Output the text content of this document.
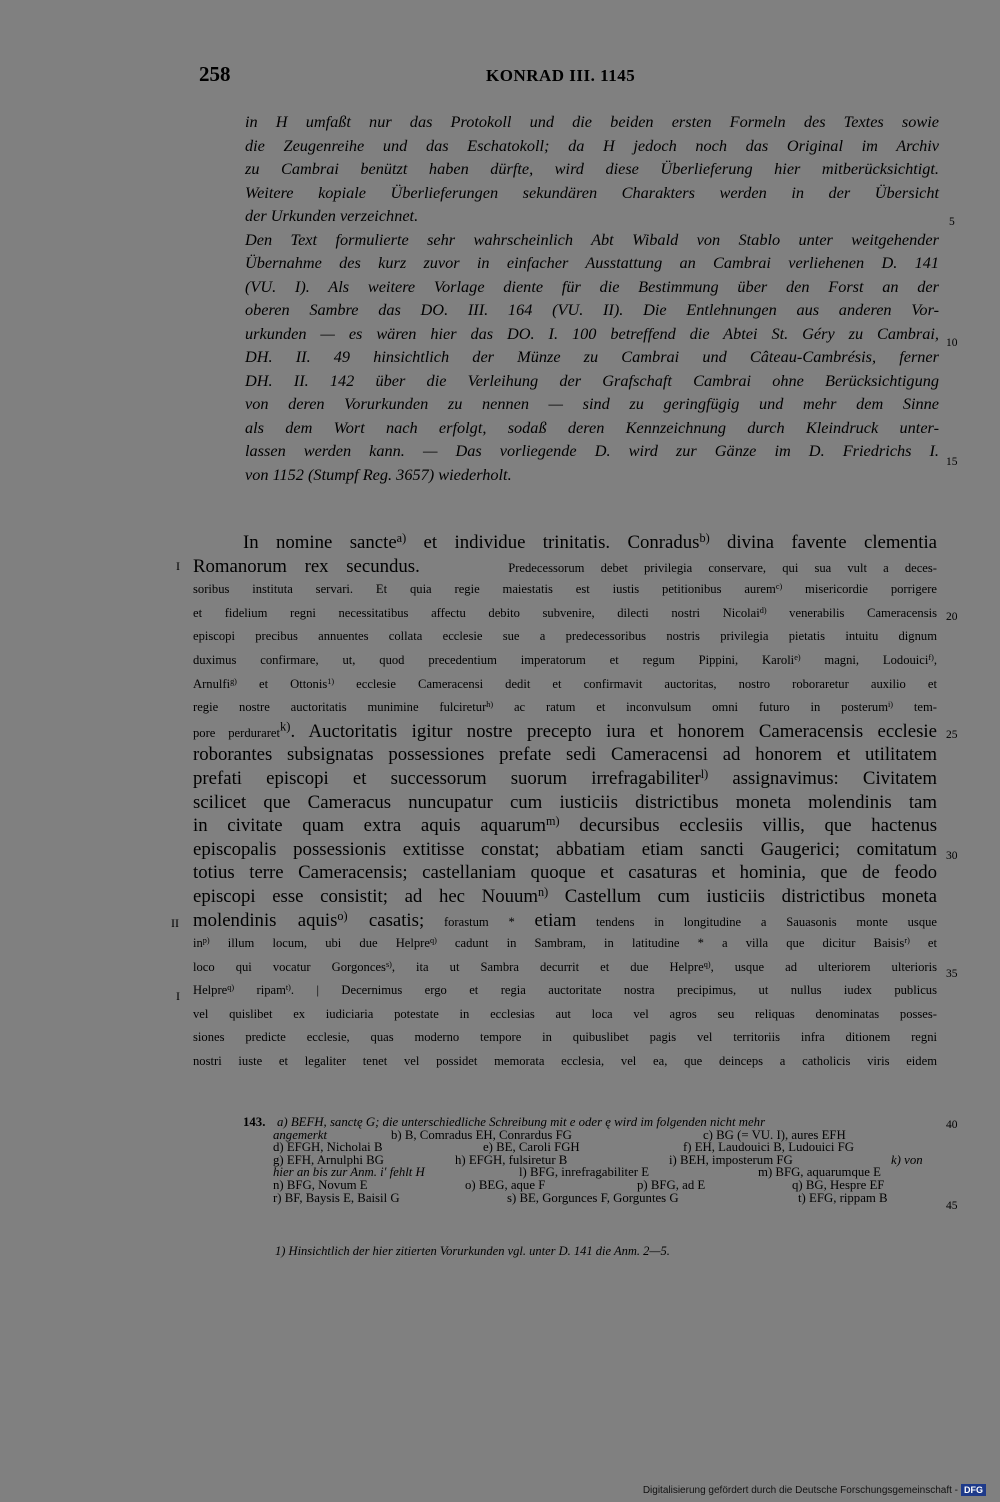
258	KONRAD III. 1145
in H umfaßt nur das Protokoll und die beiden ersten Formeln des Textes sowie
die Zeugenreihe und das Eschatokoll; da H jedoch noch das Original im Archiv
zu Cambrai benützt haben dürfte, wird diese Überlieferung hier mitberücksichtigt.
Weitere kopiale Überlieferungen sekundären Charakters werden in der Übersicht
der Urkunden verzeichnet.
Den Text formulierte sehr wahrscheinlich Abt Wibald von Stablo unter weitgehender
Übernahme des kurz zuvor in einfacher Ausstattung an Cambrai verliehenen D. 141
(VU. I). Als weitere Vorlage diente für die Bestimmung über den Forst an der
oberen Sambre das DO. III. 164 (VU. II). Die Entlehnungen aus anderen Vor-
urkunden — es wären hier das DO. I. 100 betreffend die Abtei St. Géry zu Cambrai,
DH. II. 49 hinsichtlich der Münze zu Cambrai und Câteau-Cambrésis, ferner
DH. II. 142 über die Verleihung der Grafschaft Cambrai ohne Berücksichtigung
von deren Vorurkunden zu nennen — sind zu geringfügig und mehr dem Sinne
als dem Wort nach erfolgt, sodaß deren Kennzeichnung durch Kleindruck unter-
lassen werden kann. — Das vorliegende D. wird zur Gänze im D. Friedrichs I.
von 1152 (Stumpf Reg. 3657) wiederholt.
5
10
15
20
25
30
35
40
45
I
II
I
In nomine sancte$^{a)}$ et individue trinitatis. Conradus$^{b)}$ divina favente clementia
Romanorum rex secundus.	Predecessorum debet privilegia conservare, qui sua vult a deces-
soribus instituta servari. Et quia regie maiestatis est iustis petitionibus aurem$^{c)}$ misericordie porrigere
et fidelium regni necessitatibus affectu debito subvenire, dilecti nostri Nicolai$^{d)}$ venerabilis Cameracensis
episcopi precibus annuentes collata ecclesie sue a predecessoribus nostris privilegia pietatis intuitu dignum
duximus confirmare, ut, quod precedentium imperatorum et regum Pippini, Karoli$^{e)}$ magni, Lodouici$^{f)}$,
Arnulfi$^{g)}$ et Ottonis$^{1)}$ ecclesie Cameracensi dedit et confirmavit auctoritas, nostro roboraretur auxilio et
regie nostre auctoritatis munimine fulciretur$^{h)}$ ac ratum et inconvulsum omni futuro in posterum$^{i)}$ tem-
pore perduraret$^{k)}$. Auctoritatis igitur nostre precepto iura et honorem Cameracensis ecclesie
roborantes subsignatas possessiones prefate sedi Cameracensi ad honorem et utilitatem
prefati episcopi et successorum suorum irrefragabiliter$^{l)}$ assignavimus: Civitatem
scilicet que Cameracus nuncupatur cum iusticiis districtibus moneta molendinis tam
in civitate quam extra aquis aquarum$^{m)}$ decursibus ecclesiis villis, que hactenus
episcopalis possessionis extitisse constat; abbatiam etiam sancti Gaugerici; comitatum
totius terre Cameracensis; castellaniam quoque et casaturas et hominia, que de feodo
episcopi esse consistit; ad hec Nouum$^{n)}$ Castellum cum iusticiis districtibus moneta
molendinis aquis$^{o)}$ casatis; forastum * etiam tendens in longitudine a Sauasonis monte usque
$in^{p)}$ illum locum, ubi due Helpre$^{q)}$ cadunt in Sambram, in latitudine * a villa que dicitur Baisis$^{r)}$ et
loco qui vocatur Gorgonces$^{s)}$, ita ut Sambra decurrit et due Helpre$^{q)}$, usque ad ulteriorem ulterioris
Helpre$^{q)}$ ripam$^{t)}$. | Decernimus ergo et regia auctoritate nostra precipimus, ut nullus iudex publicus
vel quislibet ex iudiciaria potestate in ecclesias aut loca vel agros seu reliquas denominatas posses-
siones predicte ecclesie, quas moderno tempore in quibuslibet pagis vel territoriis infra ditionem regni
nostri iuste et legaliter tenet vel possidet memorata ecclesia, vel ea, que deinceps a catholicis viris eidem
143. a) BEFH, sanctę G; die unterschiedliche Schreibung mit e oder ę wird im folgenden nicht mehr
angemerkt	b) B, Comradus EH, Conrardus FG	c) BG (= VU. I), aures EFH
d) EFGH, Nicholai B	e) BE, Caroli FGH	f) EH, Laudouici B, Ludouici FG
g) EFH, Arnulphi BG	h) EFGH, fulsiretur B	i) BEH, imposterum FG	k) von
hier an bis zur Anm. i' fehlt H	l) BFG, inrefragabiliter E	m) BFG, aquarumque E
n) BFG, Novum E	o) BEG, aque F	p) BFG, ad E	q) BG, Hespre EF
r) BF, Baysis E, Baisil G	s) BE, Gorgunces F, Gorguntes G	t) EFG, rippam B
1) Hinsichtlich der hier zitierten Vorurkunden vgl. unter D. 141 die Anm. 2—5.
Digitalisierung gefördert durch die Deutsche Forschungsgemeinschaft - DFG
